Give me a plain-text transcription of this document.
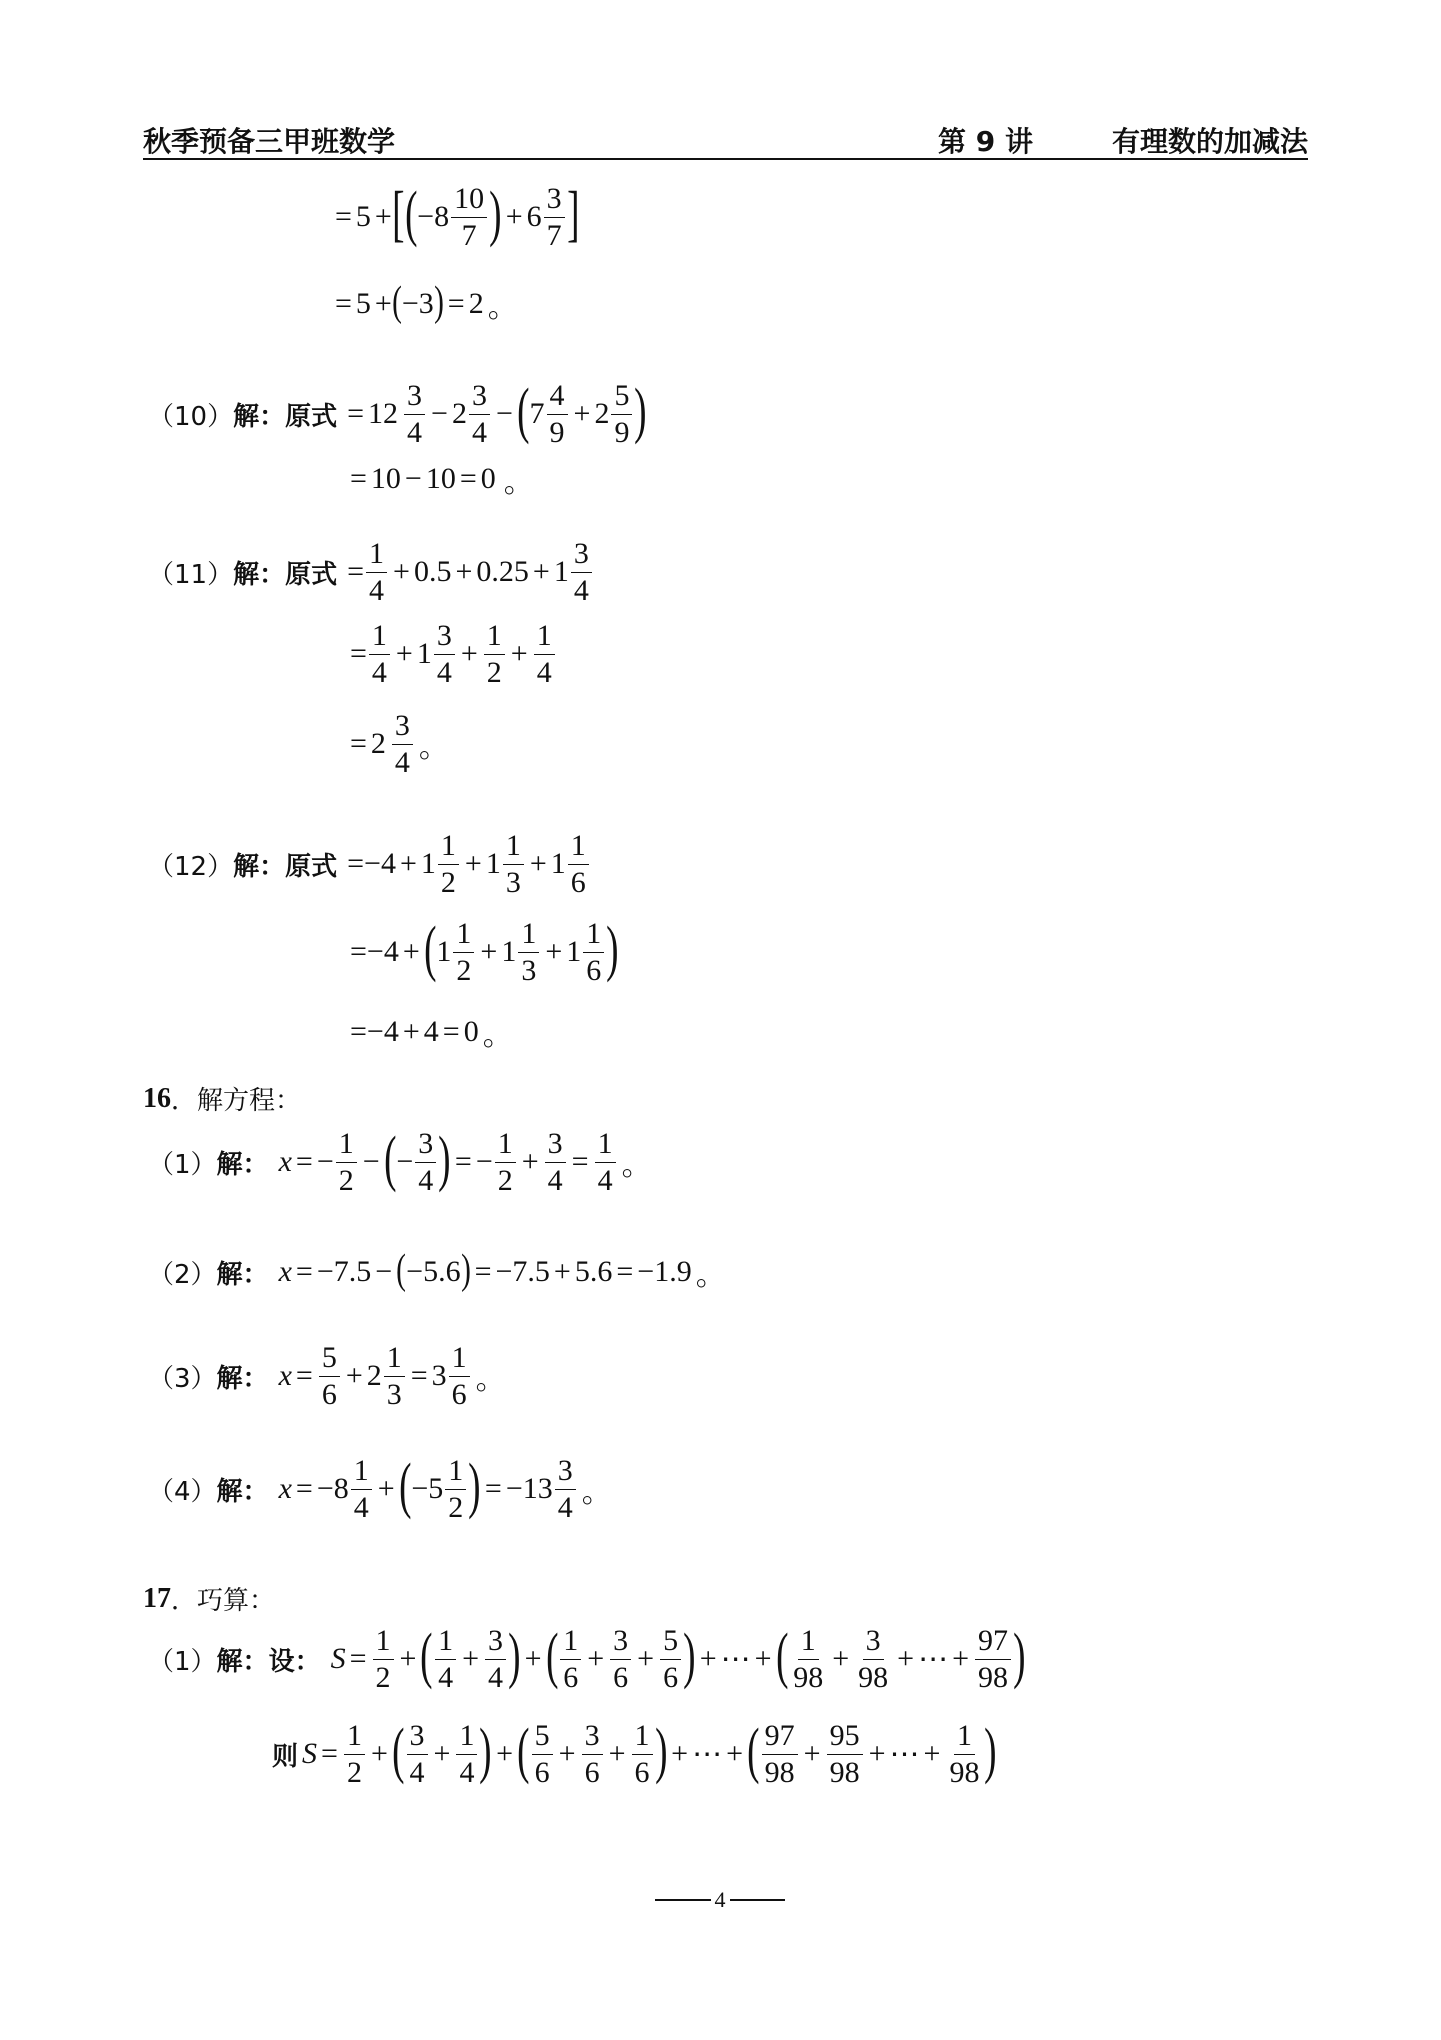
秋季预备三甲班数学	第 9 讲	有理数的加减法
= 5 + [ ( − $8 \frac{10}{7}$ ) + $6 \frac{3}{7}$ ]
= 5 + ( − 3 ) = 2 。
（10）解：原式 = $12 \frac{3}{4} - 2 \frac{3}{4}$ − ( $7 \frac{4}{9} + 2 \frac{5}{9}$ )
= 10 − 10 = 0 。
（11）解：原式 = $\frac{1}{4} + 0.5 + 0.25 + 1 \frac{3}{4}$
= $\frac{1}{4} + 1 \frac{3}{4} + \frac{1}{2} + \frac{1}{4}$
= $2 \frac{3}{4}$ 。
（12）解：原式 = − $4 + 1 \frac{1}{2} + 1 \frac{1}{3} + 1 \frac{1}{6}$
= − 4 + ( $1 \frac{1}{2} + 1 \frac{1}{3} + 1 \frac{1}{6}$ )
= − 4 + 4 = 0 。
16 ．解方程：
（1）解： x = − $\frac{1}{2}$ − ( − $\frac{3}{4}$ ) = − $\frac{1}{2} + \frac{3}{4} = \frac{1}{4}$ 。
（2）解： x = − 7.5 − ( − 5.6 ) = − 7.5 + 5.6 = − 1.9 。
（3）解： $x = \frac{5}{6} + 2 \frac{1}{3} = 3 \frac{1}{6}$ 。
（4）解： x = − $8 \frac{1}{4}$ + ( − $5 \frac{1}{2}$ ) = − $13 \frac{3}{4}$ 。
17 ．巧算：
（1）解：设： $S = \frac{1}{2}$ + ( $\frac{1}{4} + \frac{3}{4}$ ) + ( $\frac{1}{6} + \frac{3}{6} + \frac{5}{6}$ ) + ⋯ + ( $\frac{1}{98} + \frac{3}{98}$ + ⋯ + $\frac{97}{98}$ )
则 $S = \frac{1}{2}$ + ( $\frac{3}{4} + \frac{1}{4}$ ) + ( $\frac{5}{6} + \frac{3}{6} + \frac{1}{6}$ ) + ⋯ + ( $\frac{97}{98} + \frac{95}{98}$ + ⋯ + $\frac{1}{98}$ )
4
